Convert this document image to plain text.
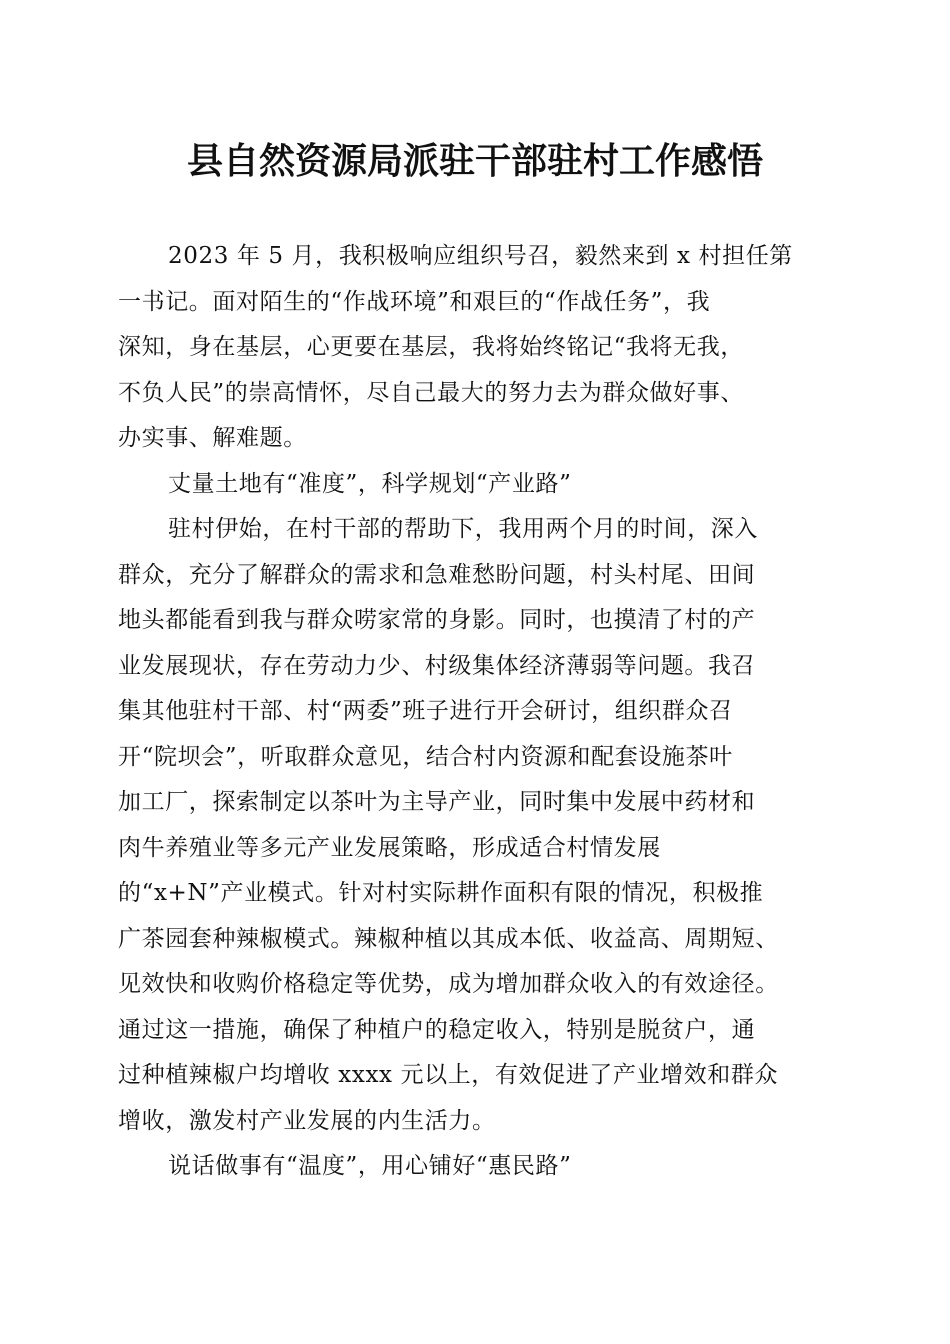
县自然资源局派驻干部驻村工作感悟
2023 年 5 月，我积极响应组织号召，毅然来到 x 村担任第
一书记。面对陌生的“作战环境”和艰巨的“作战任务”，我
深知，身在基层，心更要在基层，我将始终铭记“我将无我，
不负人民”的崇高情怀，尽自己最大的努力去为群众做好事、
办实事、解难题。
丈量土地有“准度”，科学规划“产业路”
驻村伊始，在村干部的帮助下，我用两个月的时间，深入
群众，充分了解群众的需求和急难愁盼问题，村头村尾、田间
地头都能看到我与群众唠家常的身影。同时，也摸清了村的产
业发展现状，存在劳动力少、村级集体经济薄弱等问题。我召
集其他驻村干部、村“两委”班子进行开会研讨，组织群众召
开“院坝会”，听取群众意见，结合村内资源和配套设施茶叶
加工厂，探索制定以茶叶为主导产业，同时集中发展中药材和
肉牛养殖业等多元产业发展策略，形成适合村情发展
的“x+N”产业模式。针对村实际耕作面积有限的情况，积极推
广茶园套种辣椒模式。辣椒种植以其成本低、收益高、周期短、
见效快和收购价格稳定等优势，成为增加群众收入的有效途径。
通过这一措施，确保了种植户的稳定收入，特别是脱贫户，通
过种植辣椒户均增收 xxxx 元以上，有效促进了产业增效和群众
增收，激发村产业发展的内生活力。
说话做事有“温度”，用心铺好“惠民路”
